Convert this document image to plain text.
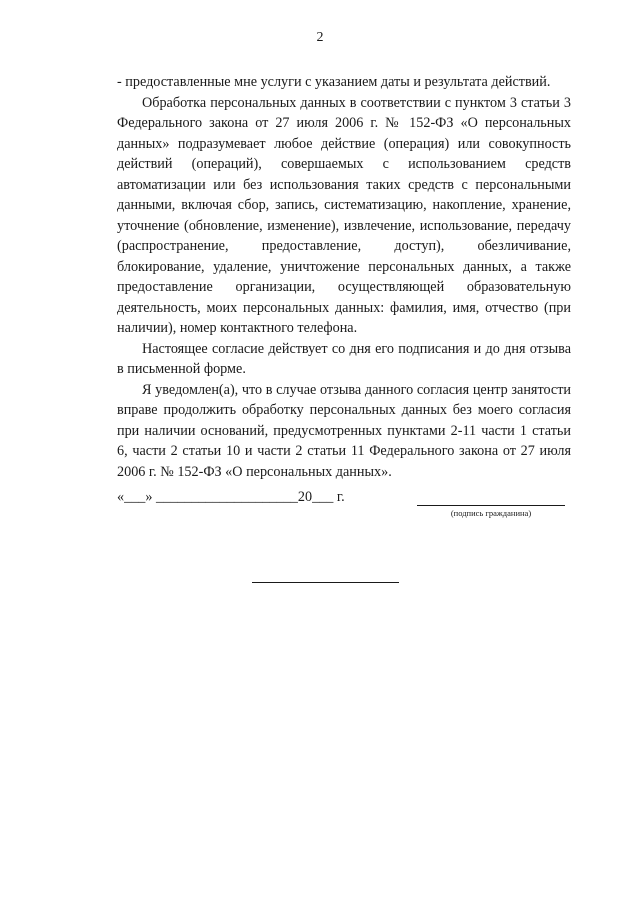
2

- предоставленные мне услуги с указанием даты и результата действий.

Обработка персональных данных в соответствии с пунктом 3 статьи 3 Федерального закона от 27 июля 2006 г. № 152-ФЗ «О персональных данных» подразумевает любое действие (операция) или совокупность действий (операций), совершаемых с использованием средств автоматизации или без использования таких средств с персональными данными, включая сбор, запись, систематизацию, накопление, хранение, уточнение (обновление, изменение), извлечение, использование, передачу (распространение, предоставление, доступ), обезличивание, блокирование, удаление, уничтожение персональных данных, а также предоставление организации, осуществляющей образовательную деятельность, моих персональных данных: фамилия, имя, отчество (при наличии), номер контактного телефона.

Настоящее согласие действует со дня его подписания и до дня отзыва в письменной форме.

Я уведомлен(а), что в случае отзыва данного согласия центр занятости вправе продолжить обработку персональных данных без моего согласия при наличии оснований, предусмотренных пунктами 2-11 части 1 статьи 6, части 2 статьи 10 и части 2 статьи 11 Федерального закона от 27 июля 2006 г. № 152-ФЗ «О персональных данных».

«___» ____________________20___ г.
(подпись гражданина)
